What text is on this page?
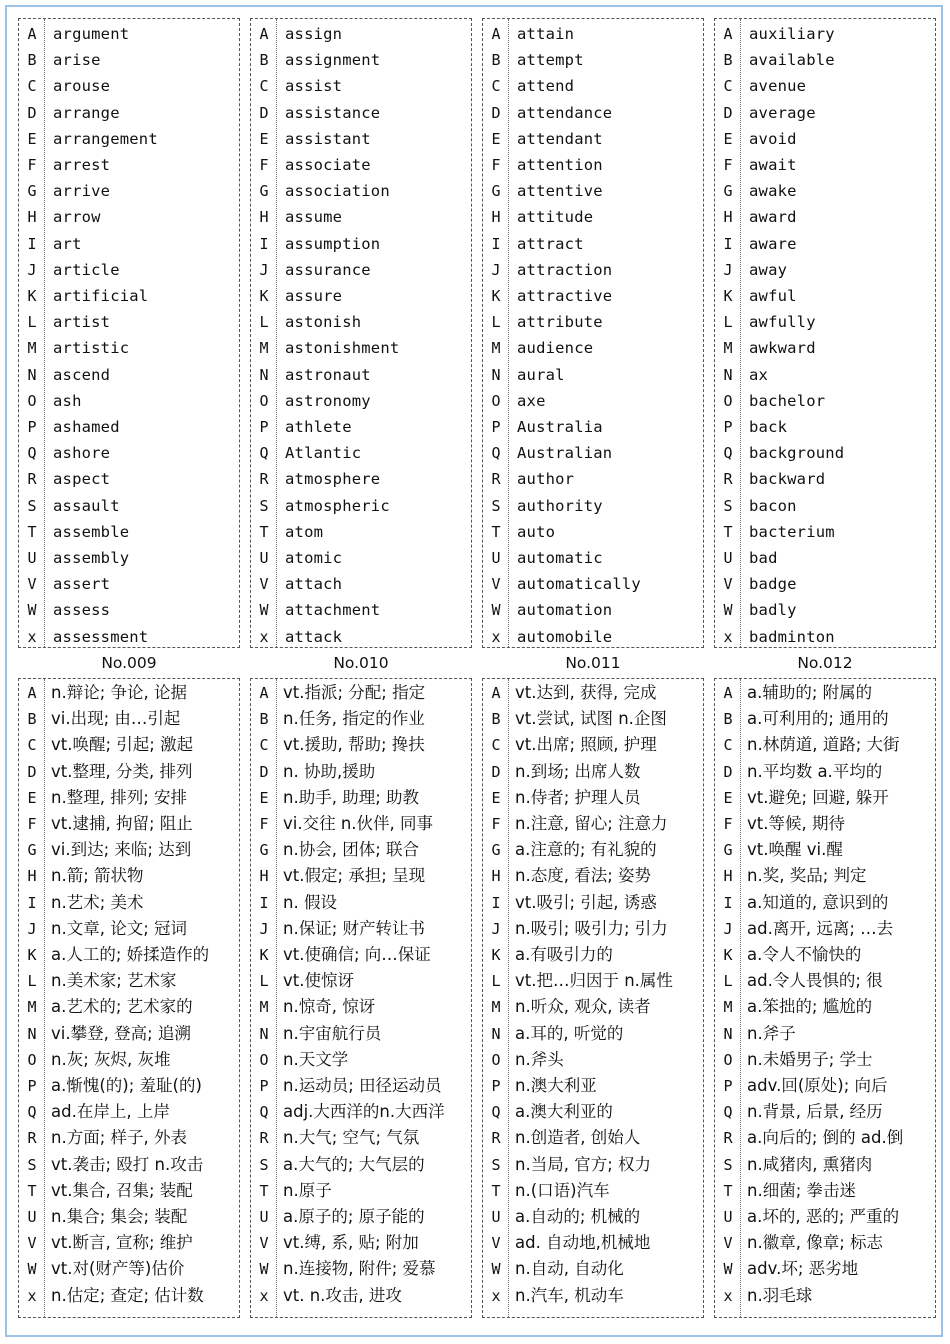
A	argument
B	arise
C	arouse
D	arrange
E	arrangement
F	arrest
G	arrive
H	arrow
I	art
J	article
K	artificial
L	artist
M	artistic
N	ascend
O	ash
P	ashamed
Q	ashore
R	aspect
S	assault
T	assemble
U	assembly
V	assert
W	assess
x	assessment
No.009
A n.辩论; 争论, 论据
B vi.出现; 由…引起
C vt.唤醒; 引起; 激起
D vt.整理, 分类, 排列
E n.整理, 排列; 安排
F vt.逮捕, 拘留; 阻止
G vi.到达; 来临; 达到
H n.箭; 箭状物
I n.艺术; 美术
J n.文章, 论文; 冠词
K a.人工的; 娇揉造作的
L n.美术家; 艺术家
M a.艺术的; 艺术家的
N vi.攀登, 登高; 追溯
O n.灰; 灰烬, 灰堆
P a.惭愧(的); 羞耻(的)
Q ad.在岸上, 上岸
R n.方面; 样子, 外表
S vt.袭击; 殴打 n.攻击
T vt.集合, 召集; 装配
U n.集合; 集会; 装配
V vt.断言, 宣称; 维护
W vt.对(财产等)估价
x n.估定; 查定; 估计数
A	assign
B	assignment
C	assist
D	assistance
E	assistant
F	associate
G	association
H	assume
I	assumption
J	assurance
K	assure
L	astonish
M	astonishment
N	astronaut
O	astronomy
P	athlete
Q	Atlantic
R	atmosphere
S	atmospheric
T	atom
U	atomic
V	attach
W	attachment
x	attack
No.010
A vt.指派; 分配; 指定
B n.任务, 指定的作业
C vt.援助, 帮助; 搀扶
D n. 协助,援助
E n.助手, 助理; 助教
F vi.交往 n.伙伴, 同事
G n.协会, 团体; 联合
H vt.假定; 承担; 呈现
I n. 假设
J n.保证; 财产转让书
K vt.使确信; 向…保证
L vt.使惊讶
M n.惊奇, 惊讶
N n.宇宙航行员
O n.天文学
P n.运动员; 田径运动员
Q adj.大西洋的n.大西洋
R n.大气; 空气; 气氛
S a.大气的; 大气层的
T n.原子
U a.原子的; 原子能的
V vt.缚, 系, 贴; 附加
W n.连接物, 附件; 爱慕
x vt. n.攻击, 进攻
A	attain
B	attempt
C	attend
D	attendance
E	attendant
F	attention
G	attentive
H	attitude
I	attract
J	attraction
K	attractive
L	attribute
M	audience
N	aural
O	axe
P	Australia
Q	Australian
R	author
S	authority
T	auto
U	automatic
V	automatically
W	automation
x	automobile
No.011
A vt.达到, 获得, 完成
B vt.尝试, 试图 n.企图
C vt.出席; 照顾, 护理
D n.到场; 出席人数
E n.侍者; 护理人员
F n.注意, 留心; 注意力
G a.注意的; 有礼貌的
H n.态度, 看法; 姿势
I vt.吸引; 引起, 诱惑
J n.吸引; 吸引力; 引力
K a.有吸引力的
L vt.把…归因于 n.属性
M n.听众, 观众, 读者
N a.耳的, 听觉的
O n.斧头
P n.澳大利亚
Q a.澳大利亚的
R n.创造者, 创始人
S n.当局, 官方; 权力
T n.(口语)汽车
U a.自动的; 机械的
V ad. 自动地,机械地
W n.自动, 自动化
x n.汽车, 机动车
A	auxiliary
B	available
C	avenue
D	average
E	avoid
F	await
G	awake
H	award
I	aware
J	away
K	awful
L	awfully
M	awkward
N	ax
O	bachelor
P	back
Q	background
R	backward
S	bacon
T	bacterium
U	bad
V	badge
W	badly
x	badminton
No.012
A a.辅助的; 附属的
B a.可利用的; 通用的
C n.林荫道, 道路; 大街
D n.平均数 a.平均的
E vt.避免; 回避, 躲开
F vt.等候, 期待
G vt.唤醒 vi.醒
H n.奖, 奖品; 判定
I a.知道的, 意识到的
J ad.离开, 远离; …去
K a.令人不愉快的
L ad.令人畏惧的; 很
M a.笨拙的; 尴尬的
N n.斧子
O n.未婚男子; 学士
P adv.回(原处); 向后
Q n.背景, 后景, 经历
R a.向后的; 倒的 ad.倒
S n.咸猪肉, 熏猪肉
T n.细菌; 拳击迷
U a.坏的, 恶的; 严重的
V n.徽章, 像章; 标志
W adv.坏; 恶劣地
x n.羽毛球
